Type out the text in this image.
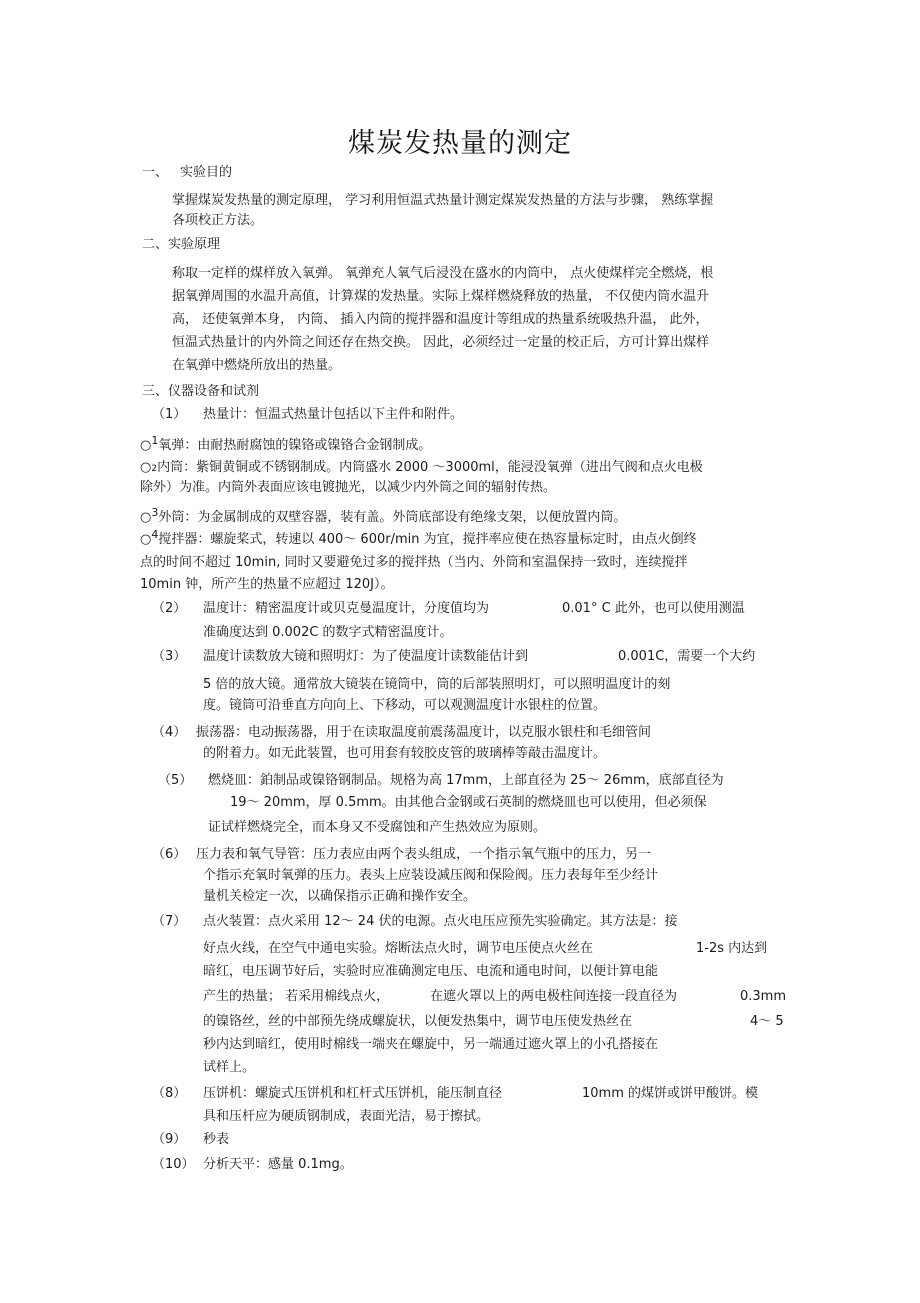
煤炭发热量的测定
一、 实验目的
掌握煤炭发热量的测定原理， 学习利用恒温式热量计测定煤炭发热量的方法与步骤， 熟练掌握
各项校正方法。
二、实验原理
称取一定样的煤样放入氧弹。 氧弹充人氧气后浸没在盛水的内筒中， 点火使煤样完全燃烧，根
据氧弹周围的水温升高值，计算煤的发热量。实际上煤样燃烧释放的热量， 不仅使内筒水温升
高， 还使氧弹本身， 内筒、 插入内筒的搅拌器和温度计等组成的热量系统吸热升温， 此外，
恒温式热量计的内外筒之间还存在热交换。 因此，必须经过一定量的校正后，方可计算出煤样
在氧弹中燃烧所放出的热量。
三、仪器设备和试剂
（1） 热量计：恒温式热量计包括以下主件和附件。
○$^1$氧弹：由耐热耐腐蚀的镍铬或镍铬合金钢制成。
○2内筒：紫铜黄铜或不锈钢制成。内筒盛水 2000 ～3000ml，能浸没氧弹（进出气阀和点火电极
除外）为准。内筒外表面应该电镀抛光，以减少内外筒之间的辐射传热。
○$^3$外筒：为金属制成的双壁容器，装有盖。外筒底部设有绝缘支架，以便放置内筒。
○$^4$搅拌器：螺旋桨式，转速以 400～ 600r/min 为宜，搅拌率应使在热容量标定时，由点火倒终
点的时间不超过 10min, 同时又要避免过多的搅拌热（当内、外筒和室温保持一致时，连续搅拌
10min 钟，所产生的热量不应超过 120J）。
（2） 温度计：精密温度计或贝克曼温度计，分度值均为	0.01° C 此外，也可以使用测温
准确度达到 0.002C 的数字式精密温度计。
（3） 温度计读数放大镜和照明灯：为了使温度计读数能估计到	0.001C，需要一个大约
5 倍的放大镜。通常放大镜装在镜筒中，筒的后部装照明灯，可以照明温度计的刻
度。镜筒可沿垂直方向向上、下移动，可以观测温度计水银柱的位置。
（4） 振荡器：电动振荡器，用于在读取温度前震荡温度计，以克服水银柱和毛细管间
的附着力。如无此装置，也可用套有较胶皮管的玻璃棒等敲击温度计。
（5） 燃烧皿：鉑制品或镍铬钢制品。规格为高 17mm，上部直径为 25～ 26mm，底部直径为
19～ 20mm，厚 0.5mm。由其他合金钢或石英制的燃烧皿也可以使用，但必须保
证试样燃烧完全，而本身又不受腐蚀和产生热效应为原则。
（6） 压力表和氧气导管：压力表应由两个表头组成，一个指示氧气瓶中的压力，另一
个指示充氧时氧弹的压力。表头上应装设减压阀和保险阀。压力表每年至少经计
量机关检定一次，以确保指示正确和操作安全。
（7） 点火装置：点火采用 12～ 24 伏的电源。点火电压应预先实验确定。其方法是：接
好点火线，在空气中通电实验。熔断法点火时，调节电压使点火丝在	1-2s 内达到
暗红，电压调节好后，实验时应准确测定电压、电流和通电时间，以便计算电能
产生的热量； 若采用棉线点火，	在遮火罩以上的两电极柱间连接一段直径为	0.3mm
的镍铬丝，丝的中部预先绕成螺旋状，以便发热集中，调节电压使发热丝在	4～ 5
秒内达到暗红，使用时棉线一端夹在螺旋中，另一端通过遮火罩上的小孔搭接在
试样上。
（8） 压饼机：螺旋式压饼机和杠杆式压饼机，能压制直径	10mm 的煤饼或饼甲酸饼。模
具和压杆应为硬质钢制成，表面光洁，易于擦拭。
（9） 秒表
（10） 分析天平：感量 0.1mg。
